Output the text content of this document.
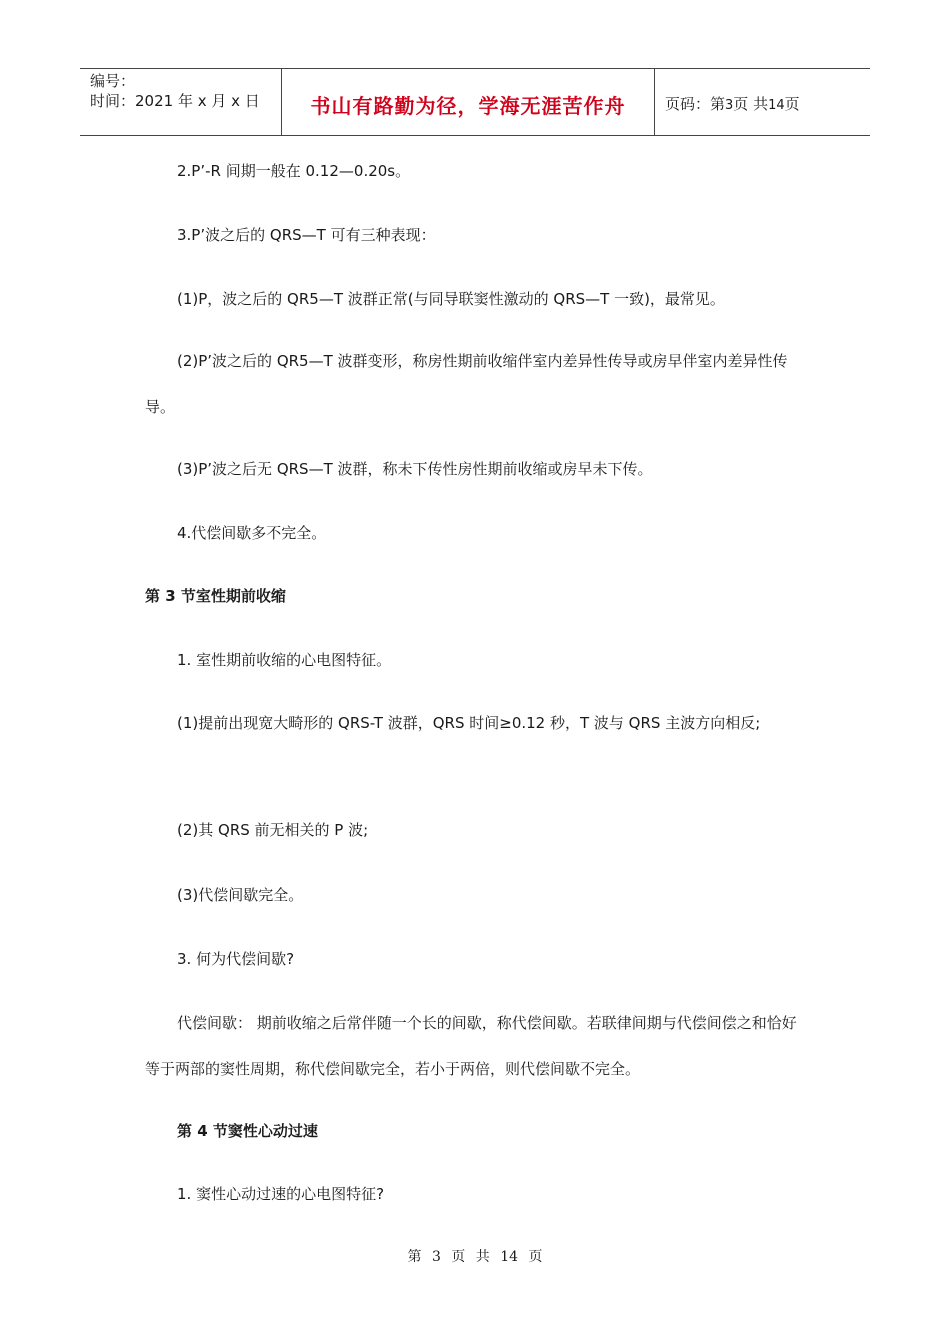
编号：
时间：2021 年 x 月 x 日	书山有路勤为径，学海无涯苦作舟	页码：第3页 共14页

2.P’-R 间期一般在 0.12—0.20s。

3.P’波之后的 QRS—T 可有三种表现：

(1)P，波之后的 QR5—T 波群正常(与同导联窦性激动的 QRS—T 一致)，最常见。

(2)P’波之后的 QR5—T 波群变形，称房性期前收缩伴室内差异性传导或房早伴室内差异性传导。

(3)P’波之后无 QRS—T 波群，称未下传性房性期前收缩或房早未下传。

4.代偿间歇多不完全。

第 3 节室性期前收缩

1. 室性期前收缩的心电图特征。

(1)提前出现宽大畸形的 QRS-T 波群，QRS 时间≥0.12 秒，T 波与 QRS 主波方向相反;

(2)其 QRS 前无相关的 P 波;

(3)代偿间歇完全。

3. 何为代偿间歇?

代偿间歇： 期前收缩之后常伴随一个长的间歇，称代偿间歇。若联律间期与代偿间偿之和恰好等于两部的窦性周期，称代偿间歇完全，若小于两倍，则代偿间歇不完全。

第 4 节窦性心动过速

1. 窦性心动过速的心电图特征?

第 3 页 共 14 页
